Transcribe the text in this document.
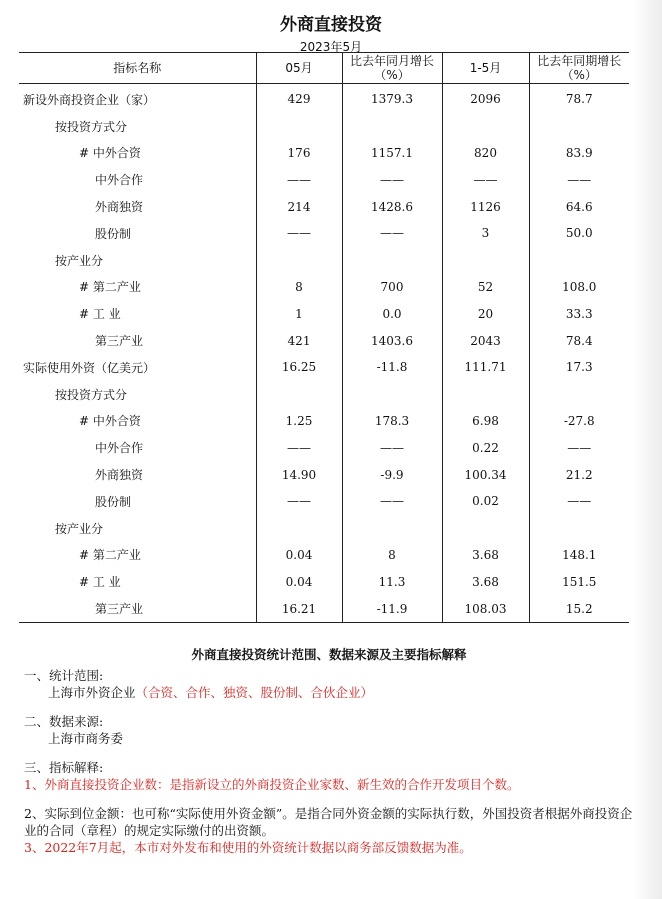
外商直接投资
2023年5月
指标名称	05月	比去年同月增长（%）	1-5月	比去年同期增长（%）
新设外商投资企业（家）	429	1379.3	2096	78.7
按投资方式分				
# 中外合资	176	1157.1	820	83.9
中外合作	——	——	——	——
外商独资	214	1428.6	1126	64.6
股份制	——	——	3	50.0
按产业分				
# 第二产业	8	700	52	108.0
# 工 业	1	0.0	20	33.3
第三产业	421	1403.6	2043	78.4
实际使用外资（亿美元）	16.25	-11.8	111.71	17.3
按投资方式分				
# 中外合资	1.25	178.3	6.98	-27.8
中外合作	——	——	0.22	——
外商独资	14.90	-9.9	100.34	21.2
股份制	——	——	0.02	——
按产业分				
# 第二产业	0.04	8	3.68	148.1
# 工 业	0.04	11.3	3.68	151.5
第三产业	16.21	-11.9	108.03	15.2
外商直接投资统计范围、数据来源及主要指标解释

一、统计范围:

上海市外资企业（合资、合作、独资、股份制、合伙企业）

二、数据来源:

上海市商务委

三、指标解释:

1、外商直接投资企业数：是指新设立的外商投资企业家数、新生效的合作开发项目个数。

2、实际到位金额：也可称“实际使用外资金额”。是指合同外资金额的实际执行数，外国投资者根据外商投资企业的合同（章程）的规定实际缴付的出资额。

3、2022年7月起，本市对外发布和使用的外资统计数据以商务部反馈数据为准。
